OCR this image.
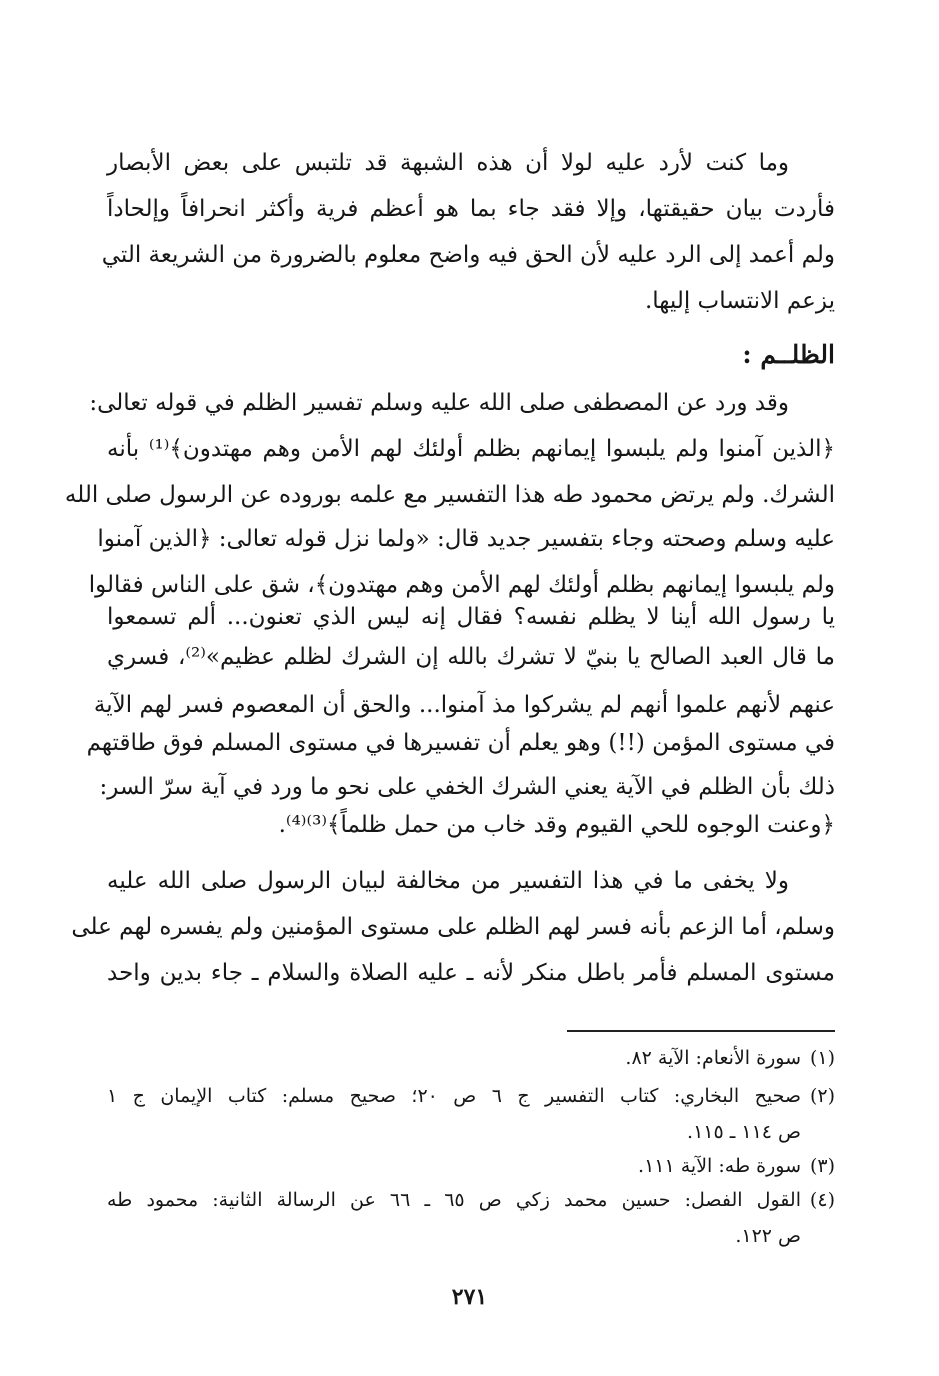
وما كنت لأرد عليه لولا أن هذه الشبهة قد تلتبس على بعض الأبصار
فأردت بيان حقيقتها، وإلا فقد جاء بما هو أعظم فرية وأكثر انحرافاً وإلحاداً
ولم أعمد إلى الرد عليه لأن الحق فيه واضح معلوم بالضرورة من الشريعة التي
يزعم الانتساب إليها.
الظلــم :
وقد ورد عن المصطفى صلى الله عليه وسلم تفسير الظلم في قوله تعالى:
﴿الذين آمنوا ولم يلبسوا إيمانهم بظلم أولئك لهم الأمن وهم مهتدون﴾⁽¹⁾ بأنه
الشرك. ولم يرتض محمود طه هذا التفسير مع علمه بوروده عن الرسول صلى الله
عليه وسلم وصحته وجاء بتفسير جديد قال: «ولما نزل قوله تعالى: ﴿الذين آمنوا
ولم يلبسوا إيمانهم بظلم أولئك لهم الأمن وهم مهتدون﴾، شق على الناس فقالوا
يا رسول الله أينا لا يظلم نفسه؟ فقال إنه ليس الذي تعنون... ألم تسمعوا
ما قال العبد الصالح يا بنيّ لا تشرك بالله إن الشرك لظلم عظيم»⁽²⁾، فسري
عنهم لأنهم علموا أنهم لم يشركوا مذ آمنوا... والحق أن المعصوم فسر لهم الآية
في مستوى المؤمن (!!) وهو يعلم أن تفسيرها في مستوى المسلم فوق طاقتهم
ذلك بأن الظلم في الآية يعني الشرك الخفي على نحو ما ورد في آية سرّ السر:
﴿وعنت الوجوه للحي القيوم وقد خاب من حمل ظلماً﴾⁽³⁾⁽⁴⁾.
ولا يخفى ما في هذا التفسير من مخالفة لبيان الرسول صلى الله عليه
وسلم، أما الزعم بأنه فسر لهم الظلم على مستوى المؤمنين ولم يفسره لهم على
مستوى المسلم فأمر باطل منكر لأنه ـ عليه الصلاة والسلام ـ جاء بدين واحد
(١)سورة الأنعام: الآية ٨٢.
(٢)صحيح البخاري: كتاب التفسير ج ٦ ص ٢٠؛ صحيح مسلم: كتاب الإيمان ج ١
ص ١١٤ ـ ١١٥.
(٣)سورة طه: الآية ١١١.
(٤)القول الفصل: حسين محمد زكي ص ٦٥ ـ ٦٦ عن الرسالة الثانية: محمود طه
ص ١٢٢.
٢٧١
